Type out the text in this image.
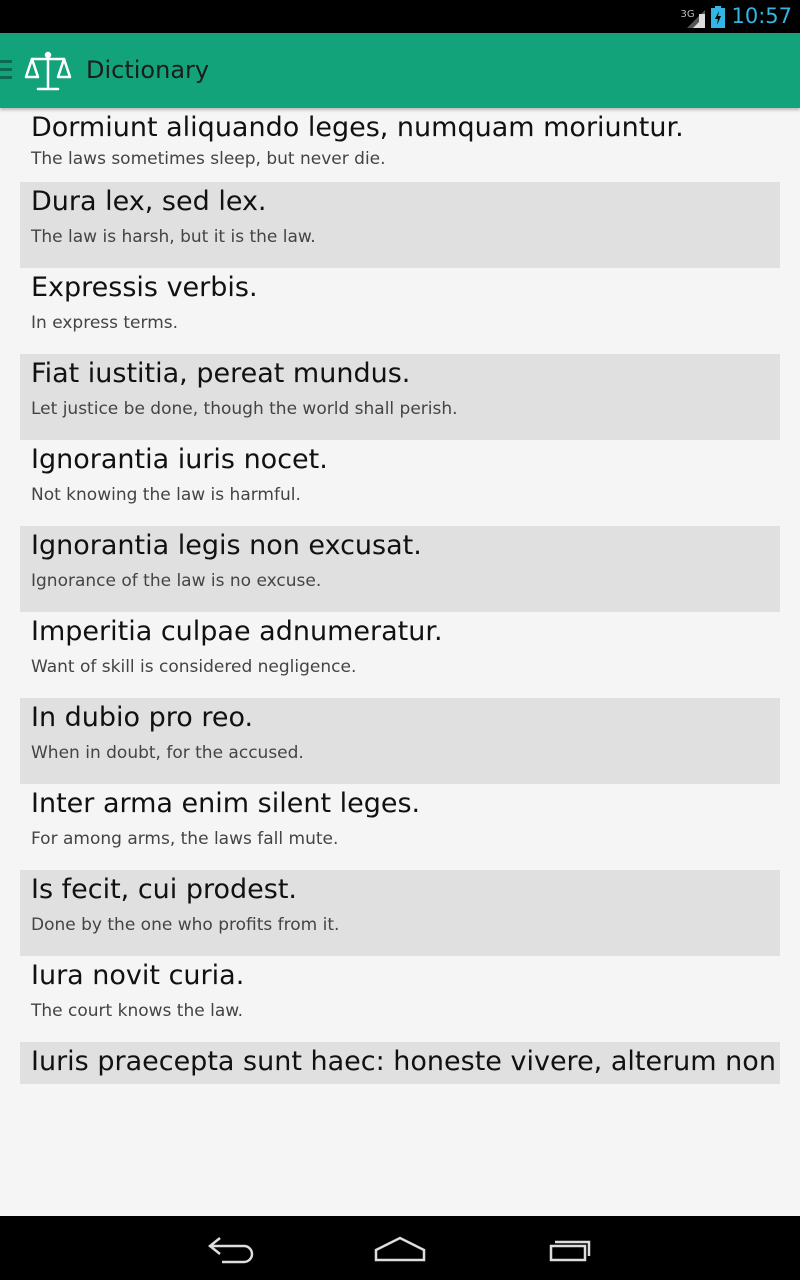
3G 10:57
Dictionary
Dormiunt aliquando leges, numquam moriuntur.
The laws sometimes sleep, but never die.
Dura lex, sed lex.
The law is harsh, but it is the law.
Expressis verbis.
In express terms.
Fiat iustitia, pereat mundus.
Let justice be done, though the world shall perish.
Ignorantia iuris nocet.
Not knowing the law is harmful.
Ignorantia legis non excusat.
Ignorance of the law is no excuse.
Imperitia culpae adnumeratur.
Want of skill is considered negligence.
In dubio pro reo.
When in doubt, for the accused.
Inter arma enim silent leges.
For among arms, the laws fall mute.
Is fecit, cui prodest.
Done by the one who profits from it.
Iura novit curia.
The court knows the law.
Iuris praecepta sunt haec: honeste vivere, alterum non
